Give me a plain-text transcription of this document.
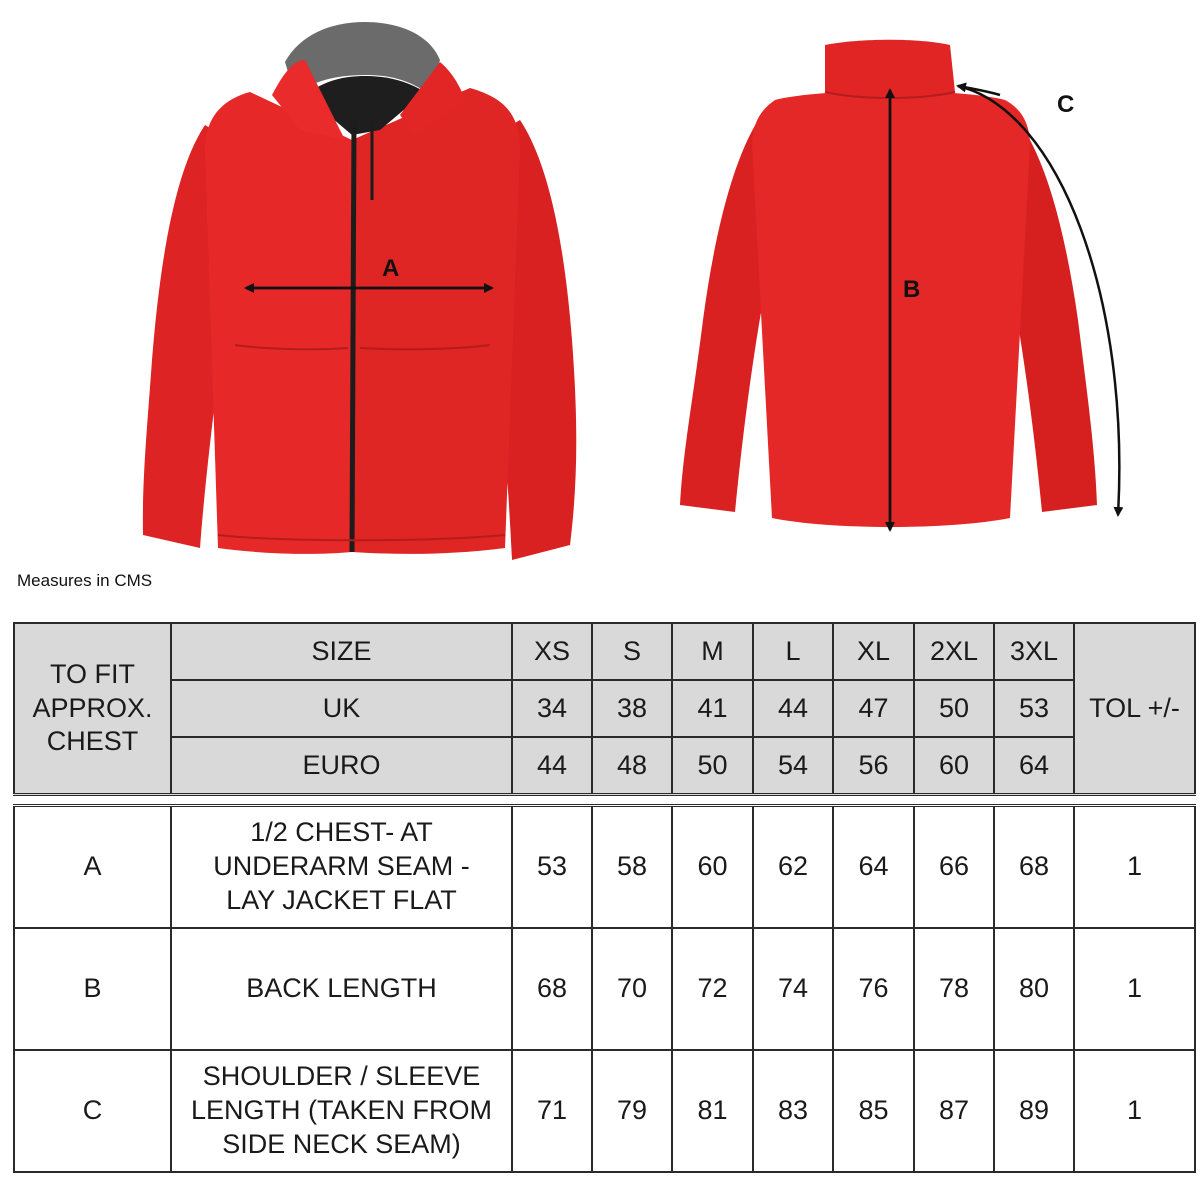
A
B
C
Measures in CMS
TO FIT APPROX. CHEST	SIZE	XS	S	M	L	XL	2XL	3XL	TOL +/-
	UK	34	38	41	44	47	50	53	
	EURO	44	48	50	54	56	60	64	

A	1/2 CHEST- AT UNDERARM SEAM - LAY JACKET FLAT	53	58	60	62	64	66	68	1
B	BACK LENGTH	68	70	72	74	76	78	80	1
C	SHOULDER / SLEEVE LENGTH (TAKEN FROM SIDE NECK SEAM)	71	79	81	83	85	87	89	1
